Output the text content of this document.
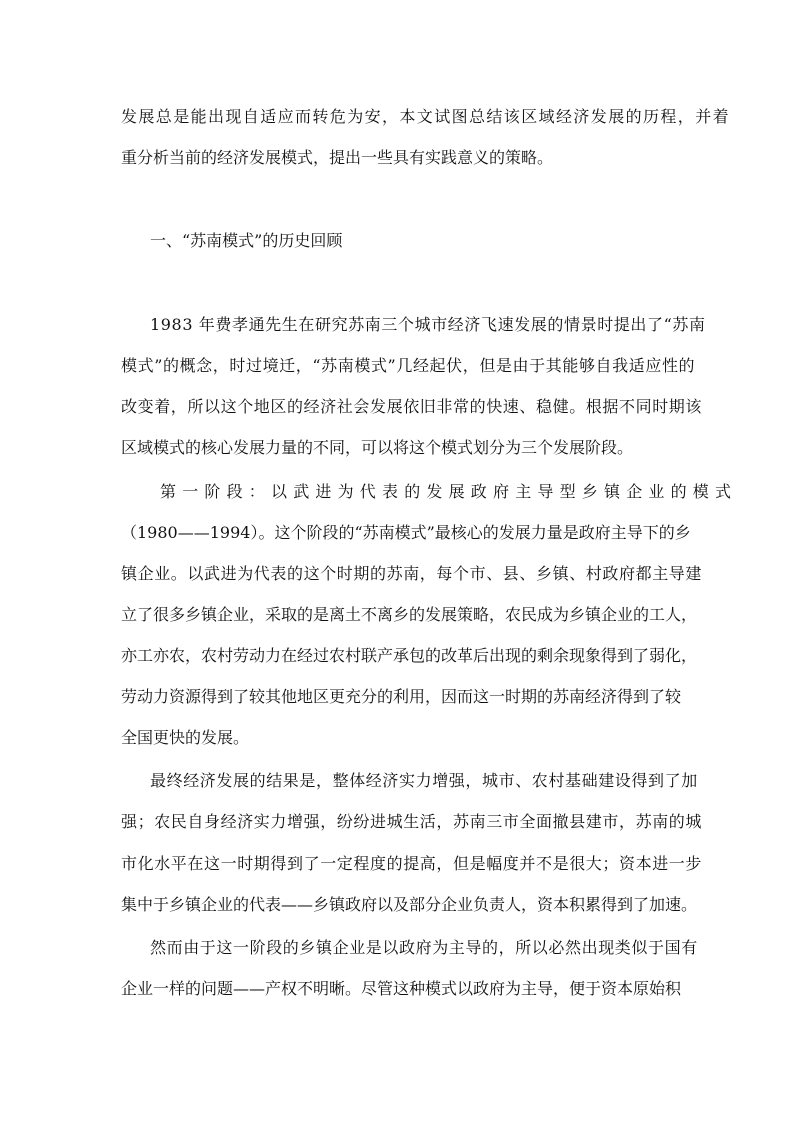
发展总是能出现自适应而转危为安，本文试图总结该区域经济发展的历程，并着
重分析当前的经济发展模式，提出一些具有实践意义的策略。
一、“苏南模式”的历史回顾
1983 年费孝通先生在研究苏南三个城市经济飞速发展的情景时提出了“苏南
模式”的概念，时过境迁，“苏南模式”几经起伏，但是由于其能够自我适应性的
改变着，所以这个地区的经济社会发展依旧非常的快速、稳健。根据不同时期该
区域模式的核心发展力量的不同，可以将这个模式划分为三个发展阶段。
第一阶段：以武进为代表的发展政府主导型乡镇企业的模式
（1980——1994）。这个阶段的“苏南模式”最核心的发展力量是政府主导下的乡
镇企业。以武进为代表的这个时期的苏南，每个市、县、乡镇、村政府都主导建
立了很多乡镇企业，采取的是离土不离乡的发展策略，农民成为乡镇企业的工人，
亦工亦农，农村劳动力在经过农村联产承包的改革后出现的剩余现象得到了弱化，
劳动力资源得到了较其他地区更充分的利用，因而这一时期的苏南经济得到了较
全国更快的发展。
最终经济发展的结果是，整体经济实力增强，城市、农村基础建设得到了加
强；农民自身经济实力增强，纷纷进城生活，苏南三市全面撤县建市，苏南的城
市化水平在这一时期得到了一定程度的提高，但是幅度并不是很大；资本进一步
集中于乡镇企业的代表——乡镇政府以及部分企业负责人，资本积累得到了加速。
然而由于这一阶段的乡镇企业是以政府为主导的，所以必然出现类似于国有
企业一样的问题——产权不明晰。尽管这种模式以政府为主导，便于资本原始积
